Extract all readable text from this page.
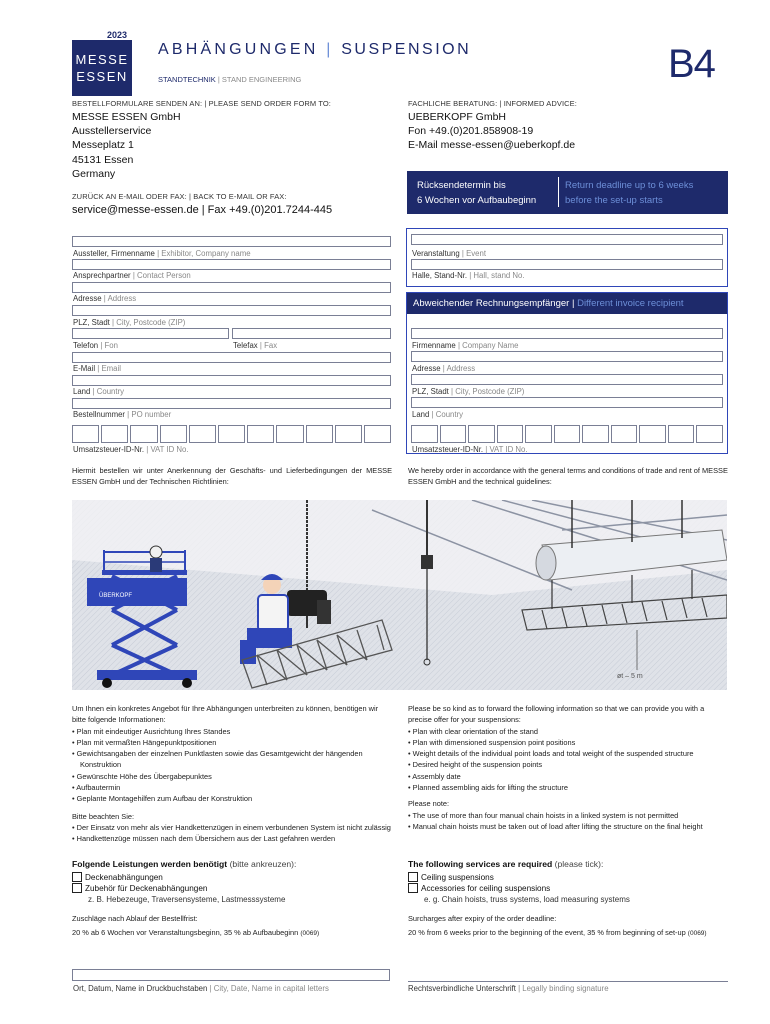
2023
MESSE
ESSEN
ABHÄNGUNGEN | SUSPENSION
STANDTECHNIK | STAND ENGINEERING	B4
BESTELLFORMULARE SENDEN AN: | PLEASE SEND ORDER FORM TO:
MESSE ESSEN GmbH
Ausstellerservice
Messeplatz 1
45131 Essen
Germany
FACHLICHE BERATUNG: | INFORMED ADVICE:
UEBERKOPF GmbH
Fon +49.(0)201.858908-19
E-Mail messe-essen@ueberkopf.de
ZURÜCK AN E-MAIL ODER FAX: | BACK TO E-MAIL OR FAX:
service@messe-essen.de | Fax +49.(0)201.7244-445
Rücksendetermin bis
6 Wochen vor Aufbaubeginn
Return deadline up to 6 weeks
before the set-up starts
Aussteller, Firmenname | Exhibitor, Company name
Ansprechpartner | Contact Person
Adresse | Address
PLZ, Stadt | City, Postcode (ZIP)
Telefon | Fon	Telefax | Fax
E-Mail | Email
Land | Country
Bestellnummer | PO number
Umsatzsteuer-ID-Nr. | VAT ID No.
Veranstaltung | Event
Halle, Stand-Nr. | Hall, stand No.
Abweichender Rechnungsempfänger | Different invoice recipient
Firmenname | Company Name
Adresse | Address
PLZ, Stadt | City, Postcode (ZIP)
Land | Country
Umsatzsteuer-ID-Nr. | VAT ID No.
Hiermit bestellen wir unter Anerkennung der Geschäfts- und Lieferbedingungen der MESSE ESSEN GmbH und der Technischen Richtlinien:
We hereby order in accordance with the general terms and conditions of trade and rent of MESSE ESSEN GmbH and the technical guidelines:
ÜBERKOPF
øt – 5 m
Um Ihnen ein konkretes Angebot für Ihre Abhängungen unterbreiten zu können, benötigen wir bitte folgende Informationen:
• Plan mit eindeutiger Ausrichtung Ihres Standes
• Plan mit vermaßten Hängepunktpositionen
• Gewichtsangaben der einzelnen Punktlasten sowie das Gesamtgewicht der hängenden Konstruktion
• Gewünschte Höhe des Übergabepunktes
• Aufbautermin
• Geplante Montagehilfen zum Aufbau der Konstruktion
Bitte beachten Sie:
• Der Einsatz von mehr als vier Handkettenzügen in einem verbundenen System ist nicht zulässig
• Handkettenzüge müssen nach dem Übersichern aus der Last gefahren werden
Please be so kind as to forward the following information so that we can provide you with a precise offer for your suspensions:
• Plan with clear orientation of the stand
• Plan with dimensioned suspension point positions
• Weight details of the individual point loads and total weight of the suspended structure
• Desired height of the suspension points
• Assembly date
• Planned assembling aids for lifting the structure
Please note:
• The use of more than four manual chain hoists in a linked system is not permitted
• Manual chain hoists must be taken out of load after lifting the structure on the final height
Folgende Leistungen werden benötigt (bitte ankreuzen):
Deckenabhängungen
Zubehör für Deckenabhängungen
z. B. Hebezeuge, Traversensysteme, Lastmesssysteme
The following services are required (please tick):
Ceiling suspensions
Accessories for ceiling suspensions
e. g. Chain hoists, truss systems, load measuring systems
Zuschläge nach Ablauf der Bestellfrist:
20 % ab 6 Wochen vor Veranstaltungsbeginn, 35 % ab Aufbaubeginn (0069)
Surcharges after expiry of the order deadline:
20 % from 6 weeks prior to the beginning of the event, 35 % from beginning of set-up (0069)
Ort, Datum, Name in Druckbuchstaben | City, Date, Name in capital letters	Rechtsverbindliche Unterschrift | Legally binding signature
